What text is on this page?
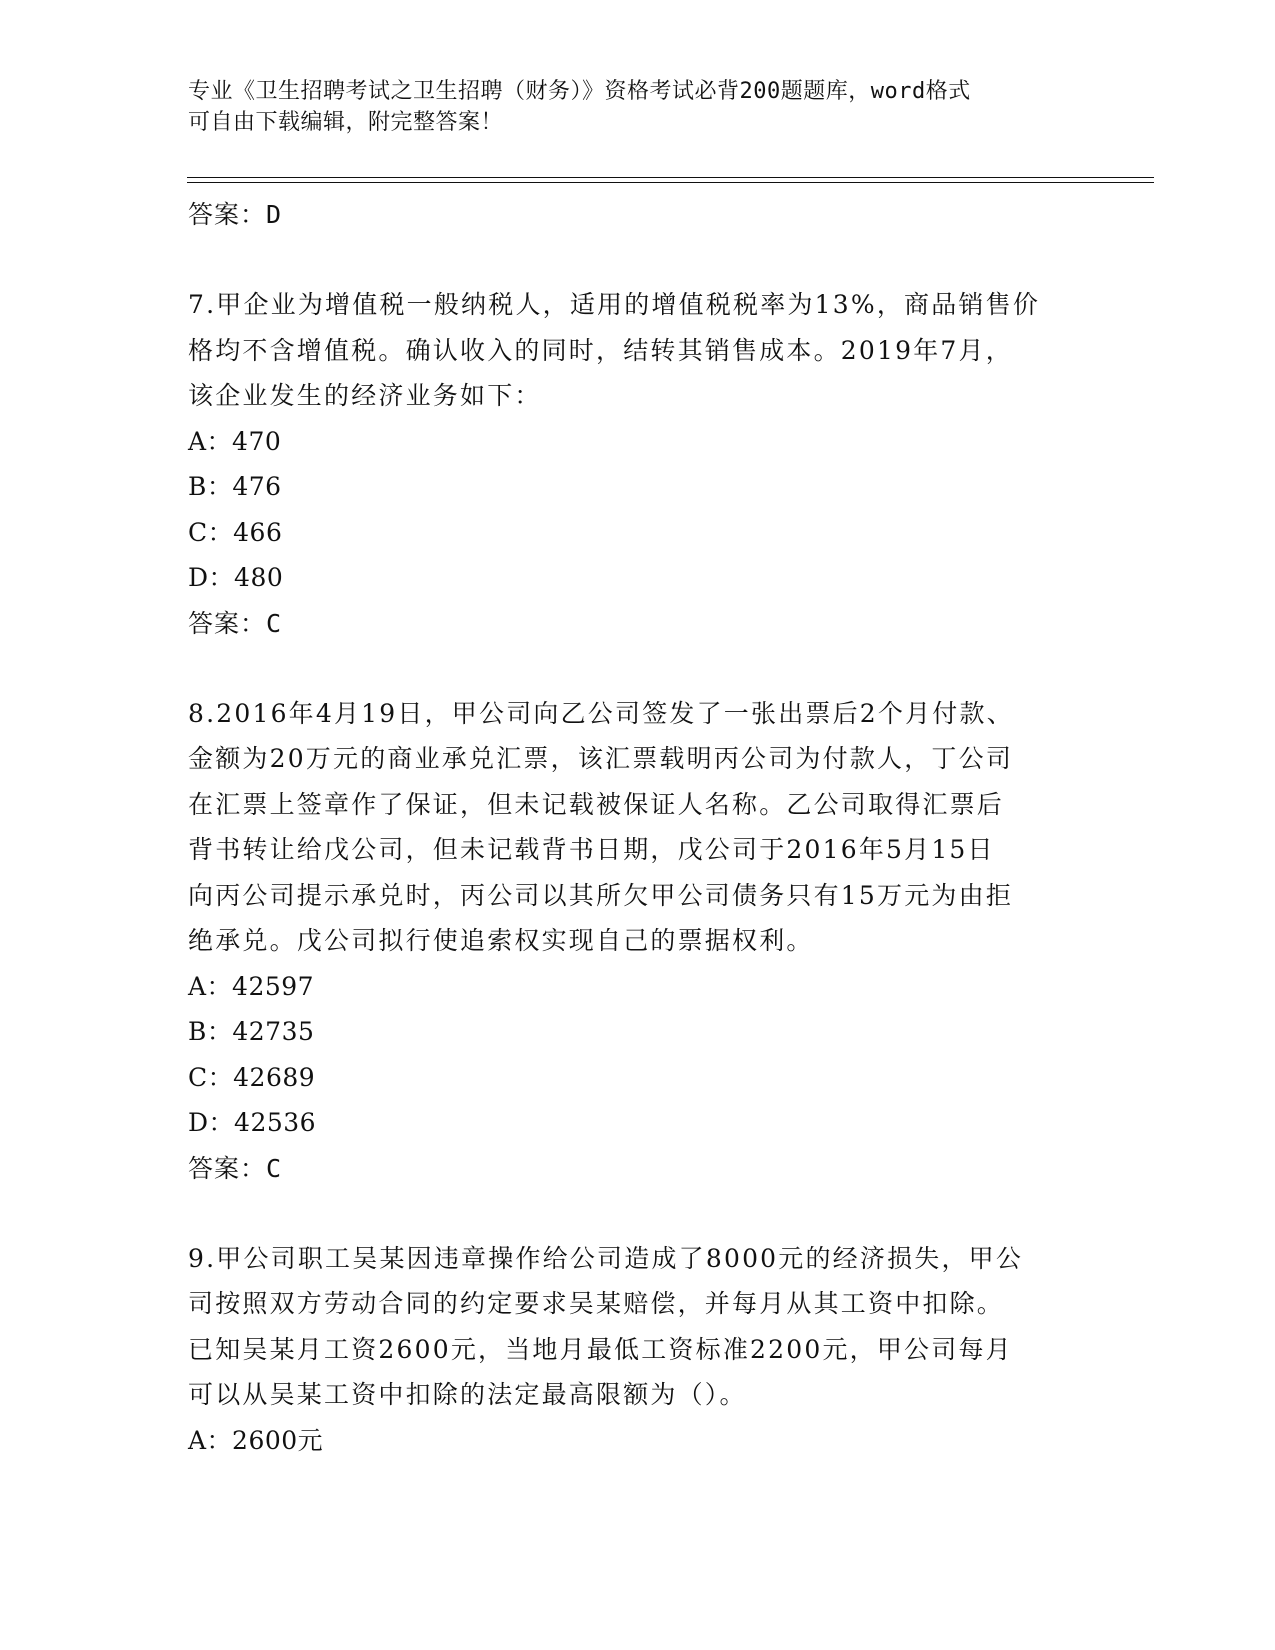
专业《卫生招聘考试之卫生招聘（财务）》资格考试必背200题题库，word格式
可自由下载编辑，附完整答案！

答案：D

7.甲企业为增值税一般纳税人，适用的增值税税率为13%，商品销售价

格均不含增值税。确认收入的同时，结转其销售成本。2019年7月，

该企业发生的经济业务如下：

A：470

B：476

C：466

D：480

答案：C

8.2016年4月19日，甲公司向乙公司签发了一张出票后2个月付款、

金额为20万元的商业承兑汇票，该汇票载明丙公司为付款人，丁公司

在汇票上签章作了保证，但未记载被保证人名称。乙公司取得汇票后

背书转让给戊公司，但未记载背书日期，戊公司于2016年5月15日

向丙公司提示承兑时，丙公司以其所欠甲公司债务只有15万元为由拒

绝承兑。戊公司拟行使追索权实现自己的票据权利。

A：42597

B：42735

C：42689

D：42536

答案：C

9.甲公司职工吴某因违章操作给公司造成了8000元的经济损失，甲公

司按照双方劳动合同的约定要求吴某赔偿，并每月从其工资中扣除。

已知吴某月工资2600元，当地月最低工资标准2200元，甲公司每月

可以从吴某工资中扣除的法定最高限额为（）。

A：2600元
